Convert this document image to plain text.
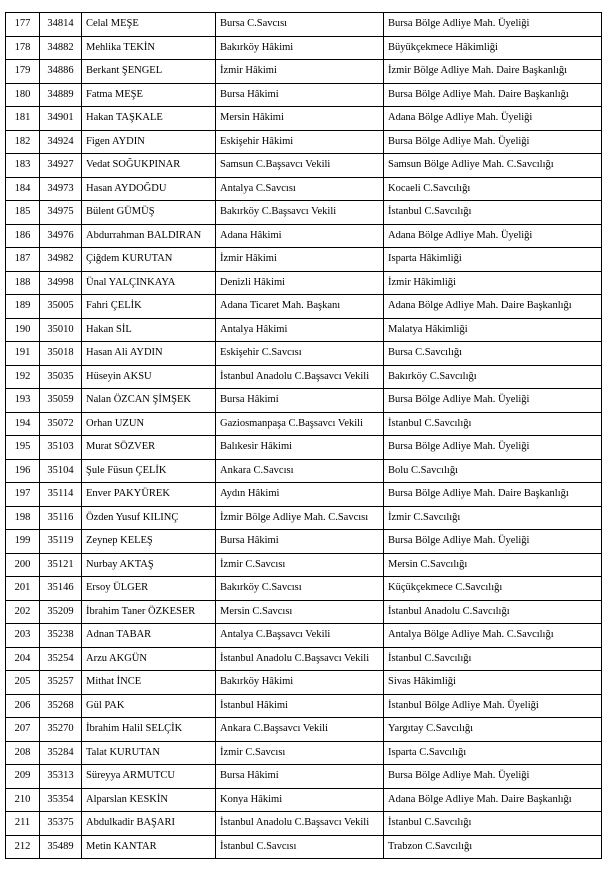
177	34814	Celal MEŞE	Bursa C.Savcısı	Bursa Bölge Adliye Mah. Üyeliği
178	34882	Mehlika TEKİN	Bakırköy Hâkimi	Büyükçekmece Hâkimliği
179	34886	Berkant ŞENGEL	İzmir Hâkimi	İzmir Bölge Adliye Mah. Daire Başkanlığı
180	34889	Fatma MEŞE	Bursa Hâkimi	Bursa Bölge Adliye Mah. Daire Başkanlığı
181	34901	Hakan TAŞKALE	Mersin Hâkimi	Adana Bölge Adliye Mah. Üyeliği
182	34924	Figen AYDIN	Eskişehir Hâkimi	Bursa Bölge Adliye Mah. Üyeliği
183	34927	Vedat SOĞUKPINAR	Samsun C.Başsavcı Vekili	Samsun Bölge Adliye Mah. C.Savcılığı
184	34973	Hasan AYDOĞDU	Antalya C.Savcısı	Kocaeli C.Savcılığı
185	34975	Bülent GÜMÜŞ	Bakırköy C.Başsavcı Vekili	İstanbul C.Savcılığı
186	34976	Abdurrahman BALDIRAN	Adana Hâkimi	Adana Bölge Adliye Mah. Üyeliği
187	34982	Çiğdem KURUTAN	İzmir Hâkimi	Isparta Hâkimliği
188	34998	Ünal YALÇINKAYA	Denizli Hâkimi	İzmir Hâkimliği
189	35005	Fahri ÇELİK	Adana Ticaret Mah. Başkanı	Adana Bölge Adliye Mah. Daire Başkanlığı
190	35010	Hakan SİL	Antalya Hâkimi	Malatya Hâkimliği
191	35018	Hasan Ali AYDIN	Eskişehir C.Savcısı	Bursa C.Savcılığı
192	35035	Hüseyin AKSU	İstanbul Anadolu C.Başsavcı Vekili	Bakırköy C.Savcılığı
193	35059	Nalan ÖZCAN ŞİMŞEK	Bursa Hâkimi	Bursa Bölge Adliye Mah. Üyeliği
194	35072	Orhan UZUN	Gaziosmanpaşa C.Başsavcı Vekili	İstanbul C.Savcılığı
195	35103	Murat SÖZVER	Balıkesir Hâkimi	Bursa Bölge Adliye Mah. Üyeliği
196	35104	Şule Füsun ÇELİK	Ankara C.Savcısı	Bolu C.Savcılığı
197	35114	Enver PAKYÜREK	Aydın Hâkimi	Bursa Bölge Adliye Mah. Daire Başkanlığı
198	35116	Özden Yusuf KILINÇ	İzmir Bölge Adliye Mah. C.Savcısı	İzmir C.Savcılığı
199	35119	Zeynep KELEŞ	Bursa Hâkimi	Bursa Bölge Adliye Mah. Üyeliği
200	35121	Nurbay AKTAŞ	İzmir C.Savcısı	Mersin C.Savcılığı
201	35146	Ersoy ÜLGER	Bakırköy C.Savcısı	Küçükçekmece C.Savcılığı
202	35209	İbrahim Taner ÖZKESER	Mersin C.Savcısı	İstanbul Anadolu C.Savcılığı
203	35238	Adnan TABAR	Antalya C.Başsavcı Vekili	Antalya Bölge Adliye Mah. C.Savcılığı
204	35254	Arzu AKGÜN	İstanbul Anadolu C.Başsavcı Vekili	İstanbul C.Savcılığı
205	35257	Mithat İNCE	Bakırköy Hâkimi	Sivas Hâkimliği
206	35268	Gül PAK	İstanbul Hâkimi	İstanbul Bölge Adliye Mah. Üyeliği
207	35270	İbrahim Halil SELÇİK	Ankara C.Başsavcı Vekili	Yargıtay C.Savcılığı
208	35284	Talat KURUTAN	İzmir C.Savcısı	Isparta C.Savcılığı
209	35313	Süreyya ARMUTCU	Bursa Hâkimi	Bursa Bölge Adliye Mah. Üyeliği
210	35354	Alparslan KESKİN	Konya Hâkimi	Adana Bölge Adliye Mah. Daire Başkanlığı
211	35375	Abdulkadir BAŞARI	İstanbul Anadolu C.Başsavcı Vekili	İstanbul C.Savcılığı
212	35489	Metin KANTAR	İstanbul C.Savcısı	Trabzon C.Savcılığı
